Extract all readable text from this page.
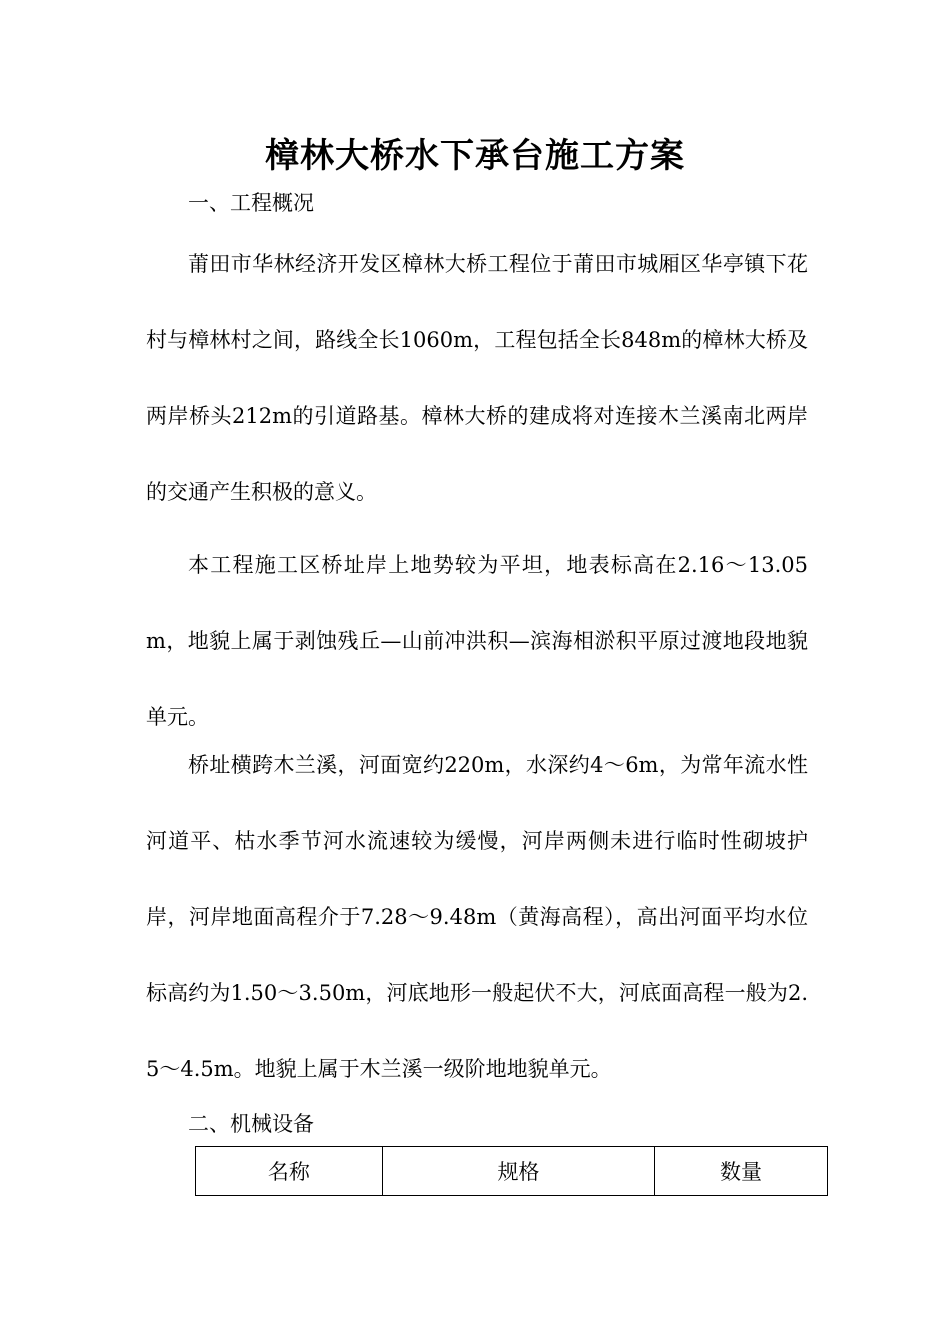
樟林大桥水下承台施工方案
一、工程概况

莆田市华林经济开发区樟林大桥工程位于莆田市城厢区华亭镇下花村与樟林村之间，路线全长1060m，工程包括全长848m的樟林大桥及两岸桥头212m的引道路基。樟林大桥的建成将对连接木兰溪南北两岸的交通产生积极的意义。

本工程施工区桥址岸上地势较为平坦，地表标高在2.16～13.05m，地貌上属于剥蚀残丘—山前冲洪积—滨海相淤积平原过渡地段地貌单元。

桥址横跨木兰溪，河面宽约220m，水深约4～6m，为常年流水性河道平、枯水季节河水流速较为缓慢，河岸两侧未进行临时性砌坡护岸，河岸地面高程介于7.28～9.48m（黄海高程），高出河面平均水位标高约为1.50～3.50m，河底地形一般起伏不大，河底面高程一般为2.5～4.5m。地貌上属于木兰溪一级阶地地貌单元。

二、机械设备
名称	规格	数量
